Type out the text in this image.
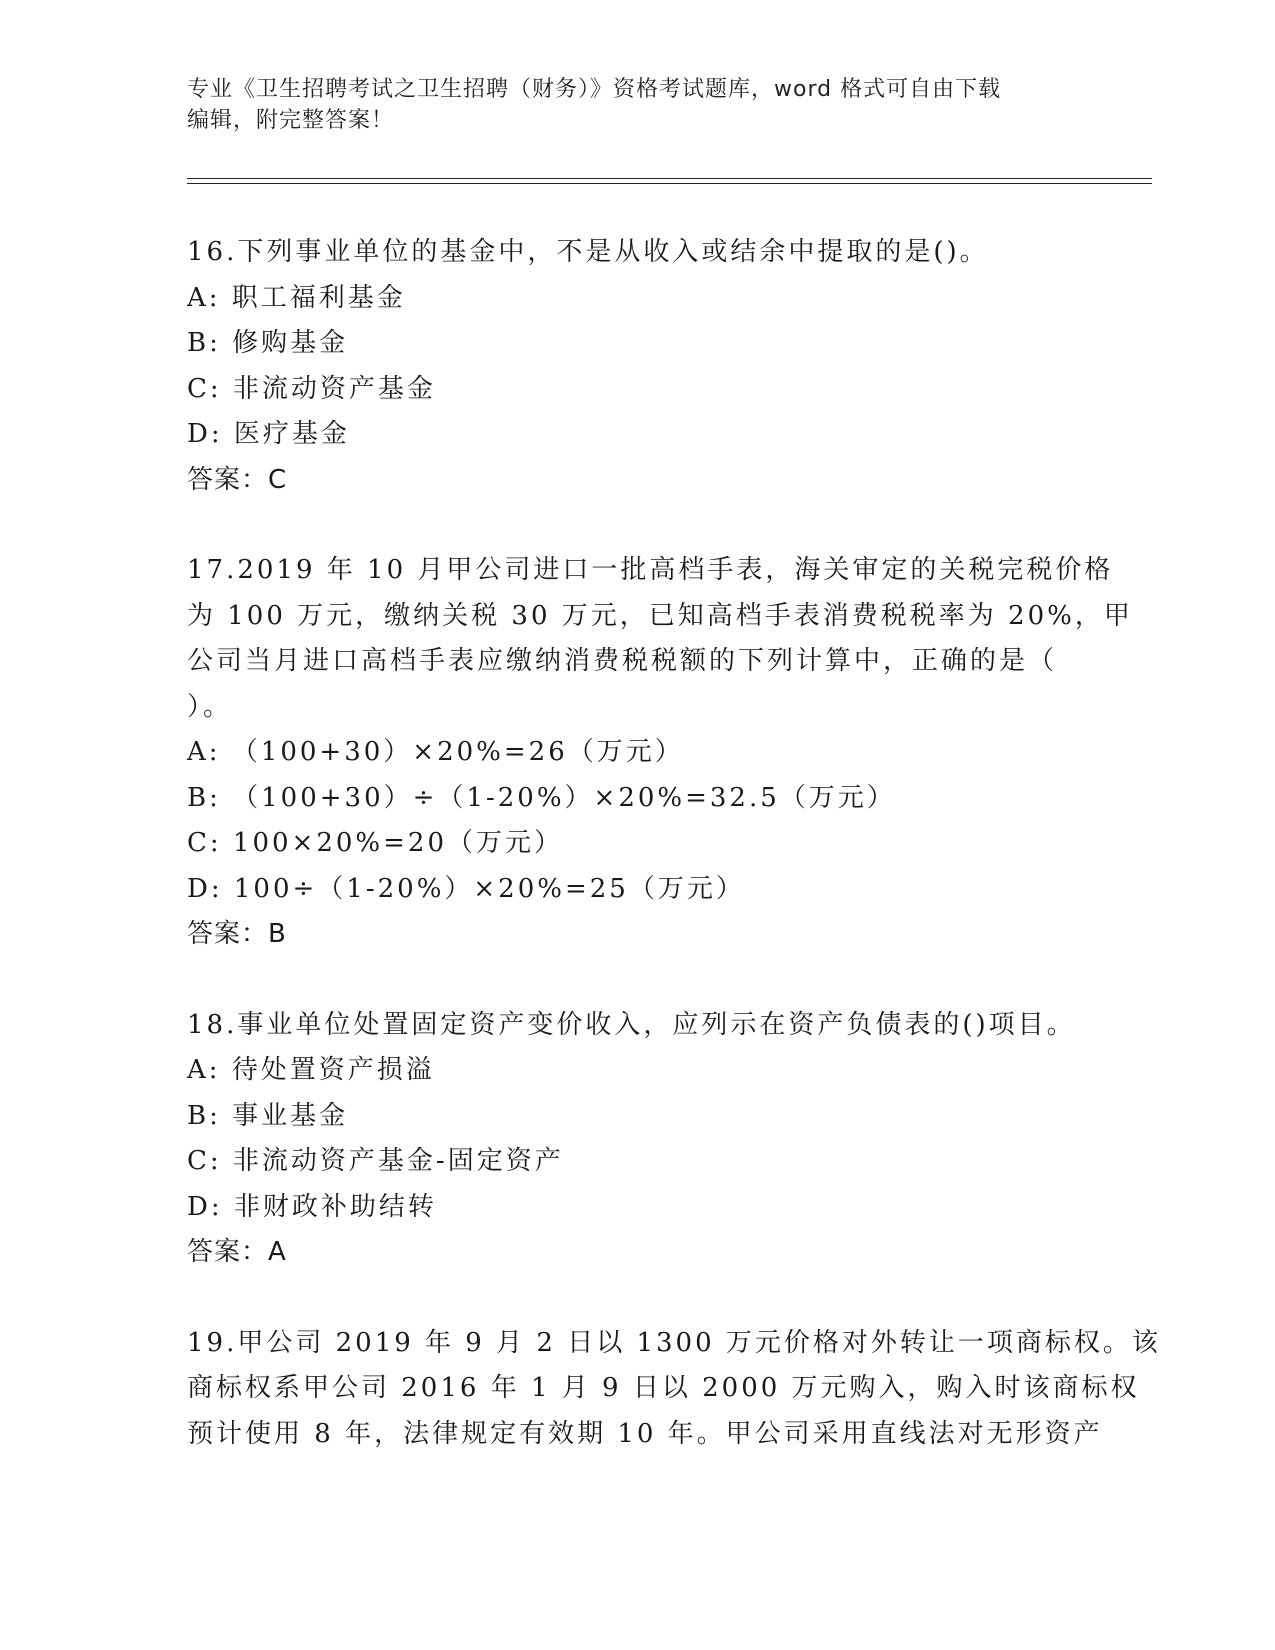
专业《卫生招聘考试之卫生招聘（财务）》资格考试题库，word 格式可自由下载
编辑，附完整答案！
16.下列事业单位的基金中，不是从收入或结余中提取的是()。
A: 职工福利基金
B: 修购基金
C: 非流动资产基金
D: 医疗基金
答案：C
17.2019 年 10 月甲公司进口一批高档手表，海关审定的关税完税价格
为 100 万元，缴纳关税 30 万元，已知高档手表消费税税率为 20%，甲
公司当月进口高档手表应缴纳消费税税额的下列计算中，正确的是（
）。
A: （100+30）×20%=26（万元）
B: （100+30）÷（1-20%）×20%=32.5（万元）
C: 100×20%=20（万元）
D: 100÷（1-20%）×20%=25（万元）
答案：B
18.事业单位处置固定资产变价收入，应列示在资产负债表的()项目。
A: 待处置资产损溢
B: 事业基金
C: 非流动资产基金-固定资产
D: 非财政补助结转
答案：A
19.甲公司 2019 年 9 月 2 日以 1300 万元价格对外转让一项商标权。该
商标权系甲公司 2016 年 1 月 9 日以 2000 万元购入，购入时该商标权
预计使用 8 年，法律规定有效期 10 年。甲公司采用直线法对无形资产
